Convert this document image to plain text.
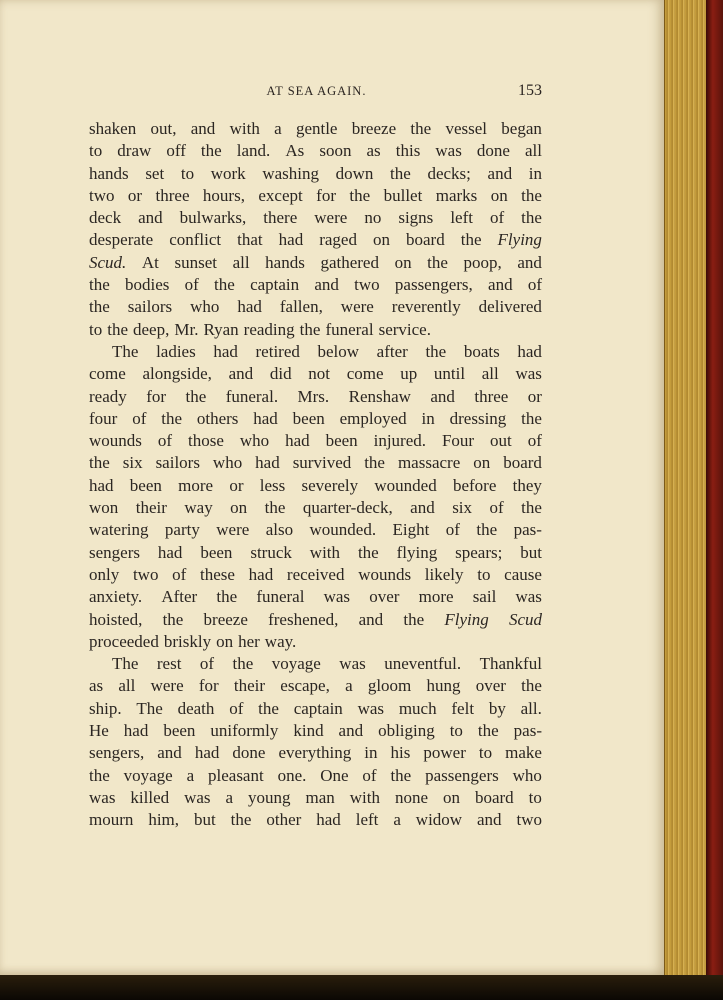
AT SEA AGAIN.	153
shaken out, and with a gentle breeze the vessel began
to draw off the land. As soon as this was done all
hands set to work washing down the decks; and in
two or three hours, except for the bullet marks on the
deck and bulwarks, there were no signs left of the
desperate conflict that had raged on board the Flying
Scud. At sunset all hands gathered on the poop, and
the bodies of the captain and two passengers, and of
the sailors who had fallen, were reverently delivered
to the deep, Mr. Ryan reading the funeral service.
The ladies had retired below after the boats had
come alongside, and did not come up until all was
ready for the funeral. Mrs. Renshaw and three or
four of the others had been employed in dressing the
wounds of those who had been injured. Four out of
the six sailors who had survived the massacre on board
had been more or less severely wounded before they
won their way on the quarter-deck, and six of the
watering party were also wounded. Eight of the pas-
sengers had been struck with the flying spears; but
only two of these had received wounds likely to cause
anxiety. After the funeral was over more sail was
hoisted, the breeze freshened, and the Flying Scud
proceeded briskly on her way.
The rest of the voyage was uneventful. Thankful
as all were for their escape, a gloom hung over the
ship. The death of the captain was much felt by all.
He had been uniformly kind and obliging to the pas-
sengers, and had done everything in his power to make
the voyage a pleasant one. One of the passengers who
was killed was a young man with none on board to
mourn him, but the other had left a widow and two
